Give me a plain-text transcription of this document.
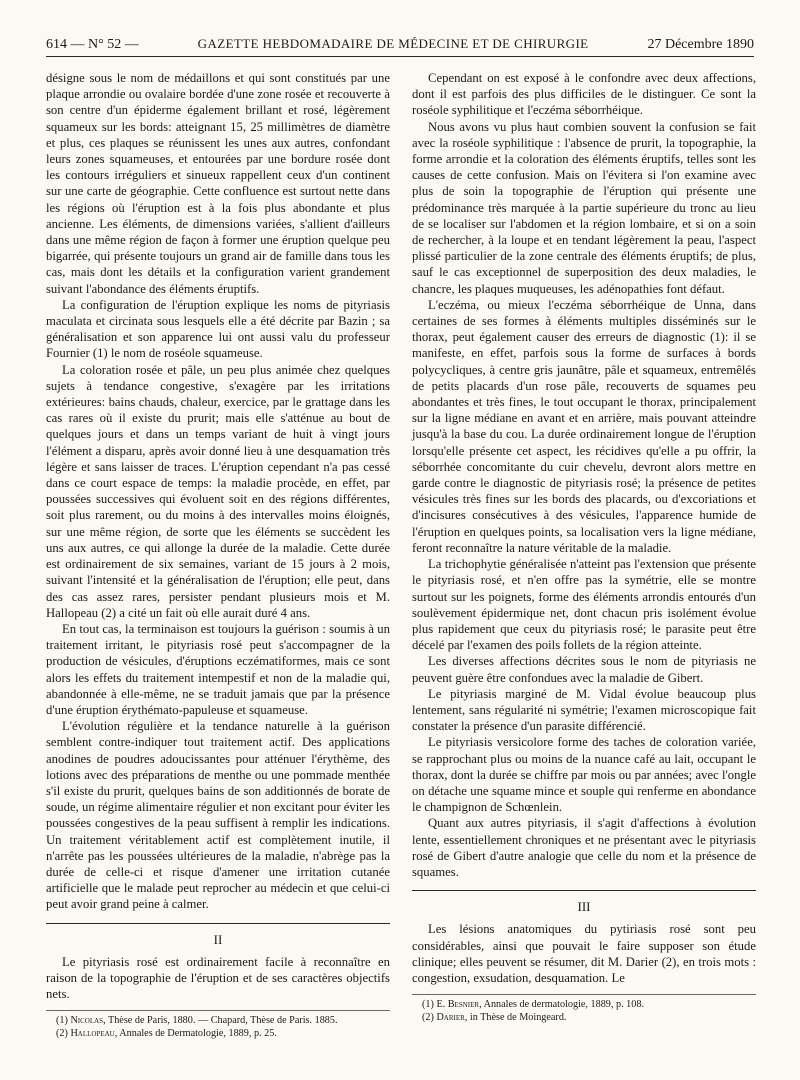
614 — N° 52 —	GAZETTE HEBDOMADAIRE DE MÉDECINE ET DE CHIRURGIE	27 Décembre 1890

désigne sous le nom de médaillons et qui sont constitués par une plaque arrondie ou ovalaire bordée d'une zone rosée et recouverte à son centre d'un épiderme également brillant et rosé, légèrement squameux sur les bords: atteignant 15, 25 millimètres de diamètre et plus, ces plaques se réunissent les unes aux autres, confondant leurs zones squameuses, et entourées par une bordure rosée dont les contours irréguliers et sinueux rappellent ceux d'un continent sur une carte de géographie. Cette confluence est surtout nette dans les régions où l'éruption est à la fois plus abondante et plus ancienne. Les éléments, de dimensions variées, s'allient d'ailleurs dans une même région de façon à former une éruption quelque peu bigarrée, qui présente toujours un grand air de famille dans tous les cas, mais dont les détails et la configuration varient grandement suivant l'abondance des éléments éruptifs.

La configuration de l'éruption explique les noms de pityriasis maculata et circinata sous lesquels elle a été décrite par Bazin ; sa généralisation et son apparence lui ont aussi valu du professeur Fournier (1) le nom de roséole squameuse.

La coloration rosée et pâle, un peu plus animée chez quelques sujets à tendance congestive, s'exagère par les irritations extérieures: bains chauds, chaleur, exercice, par le grattage dans les cas rares où il existe du prurit; mais elle s'atténue au bout de quelques jours et dans un temps variant de huit à vingt jours l'élément a disparu, après avoir donné lieu à une desquamation très légère et sans laisser de traces. L'éruption cependant n'a pas cessé dans ce court espace de temps: la maladie procède, en effet, par poussées successives qui évoluent soit en des régions différentes, soit plus rarement, ou du moins à des intervalles moins éloignés, sur une même région, de sorte que les éléments se succèdent les uns aux autres, ce qui allonge la durée de la maladie. Cette durée est ordinairement de six semaines, variant de 15 jours à 2 mois, suivant l'intensité et la généralisation de l'éruption; elle peut, dans des cas assez rares, persister pendant plusieurs mois et M. Hallopeau (2) a cité un fait où elle aurait duré 4 ans.

En tout cas, la terminaison est toujours la guérison : soumis à un traitement irritant, le pityriasis rosé peut s'accompagner de la production de vésicules, d'éruptions eczématiformes, mais ce sont alors les effets du traitement intempestif et non de la maladie qui, abandonnée à elle-même, ne se traduit jamais que par la présence d'une éruption érythémato-papuleuse et squameuse.

L'évolution régulière et la tendance naturelle à la guérison semblent contre-indiquer tout traitement actif. Des applications anodines de poudres adoucissantes pour atténuer l'érythème, des lotions avec des préparations de menthe ou une pommade menthée s'il existe du prurit, quelques bains de son additionnés de borate de soude, un régime alimentaire régulier et non excitant pour éviter les poussées congestives de la peau suffisent à remplir les indications. Un traitement véritablement actif est complètement inutile, il n'arrête pas les poussées ultérieures de la maladie, n'abrège pas la durée de celle-ci et risque d'amener une irritation cutanée artificielle que le malade peut reprocher au médecin et que celui-ci peut avoir grand peine à calmer.

II

Le pityriasis rosé est ordinairement facile à reconnaître en raison de la topographie de l'éruption et de ses caractères objectifs nets.

(1) Nicolas, Thèse de Paris, 1880. — Chapard, Thèse de Paris. 1885.
(2) Hallopeau, Annales de Dermatologie, 1889, p. 25.

Cependant on est exposé à le confondre avec deux affections, dont il est parfois des plus difficiles de le distinguer. Ce sont la roséole syphilitique et l'eczéma séborrhéique.

Nous avons vu plus haut combien souvent la confusion se fait avec la roséole syphilitique : l'absence de prurit, la topographie, la forme arrondie et la coloration des éléments éruptifs, telles sont les causes de cette confusion. Mais on l'évitera si l'on examine avec plus de soin la topographie de l'éruption qui présente une prédominance très marquée à la partie supérieure du tronc au lieu de se localiser sur l'abdomen et la région lombaire, et si on a soin de rechercher, à la loupe et en tendant légèrement la peau, l'aspect plissé particulier de la zone centrale des éléments éruptifs; de plus, sauf le cas exceptionnel de superposition des deux maladies, le chancre, les plaques muqueuses, les adénopathies font défaut.

L'eczéma, ou mieux l'eczéma séborrhéique de Unna, dans certaines de ses formes à éléments multiples disséminés sur le thorax, peut également causer des erreurs de diagnostic (1): il se manifeste, en effet, parfois sous la forme de surfaces à bords polycycliques, à centre gris jaunâtre, pâle et squameux, entremêlés de petits placards d'un rose pâle, recouverts de squames peu abondantes et très fines, le tout occupant le thorax, principalement sur la ligne médiane en avant et en arrière, mais pouvant atteindre jusqu'à la base du cou. La durée ordinairement longue de l'éruption lorsqu'elle présente cet aspect, les récidives qu'elle a pu offrir, la séborrhée concomitante du cuir chevelu, devront alors mettre en garde contre le diagnostic de pityriasis rosé; la présence de petites vésicules très fines sur les bords des placards, ou d'excoriations et d'incisures consécutives à des vésicules, l'apparence humide de l'éruption en quelques points, sa localisation vers la ligne médiane, feront reconnaître la nature véritable de la maladie.

La trichophytie généralisée n'atteint pas l'extension que présente le pityriasis rosé, et n'en offre pas la symétrie, elle se montre surtout sur les poignets, forme des éléments arrondis entourés d'un soulèvement épidermique net, dont chacun pris isolément évolue plus rapidement que ceux du pityriasis rosé; le parasite peut être décelé par l'examen des poils follets de la région atteinte.

Les diverses affections décrites sous le nom de pityriasis ne peuvent guère être confondues avec la maladie de Gibert.

Le pityriasis marginé de M. Vidal évolue beaucoup plus lentement, sans régularité ni symétrie; l'examen microscopique fait constater la présence d'un parasite différencié.

Le pityriasis versicolore forme des taches de coloration variée, se rapprochant plus ou moins de la nuance café au lait, occupant le thorax, dont la durée se chiffre par mois ou par années; avec l'ongle on détache une squame mince et souple qui renferme en abondance le champignon de Schœnlein.

Quant aux autres pityriasis, il s'agit d'affections à évolution lente, essentiellement chroniques et ne présentant avec le pityriasis rosé de Gibert d'autre analogie que celle du nom et la présence de squames.

III

Les lésions anatomiques du pytiriasis rosé sont peu considérables, ainsi que pouvait le faire supposer son étude clinique; elles peuvent se résumer, dit M. Darier (2), en trois mots : congestion, exsudation, desquamation. Le

(1) E. Besnier, Annales de dermatologie, 1889, p. 108.
(2) Darier, in Thèse de Moingeard.
